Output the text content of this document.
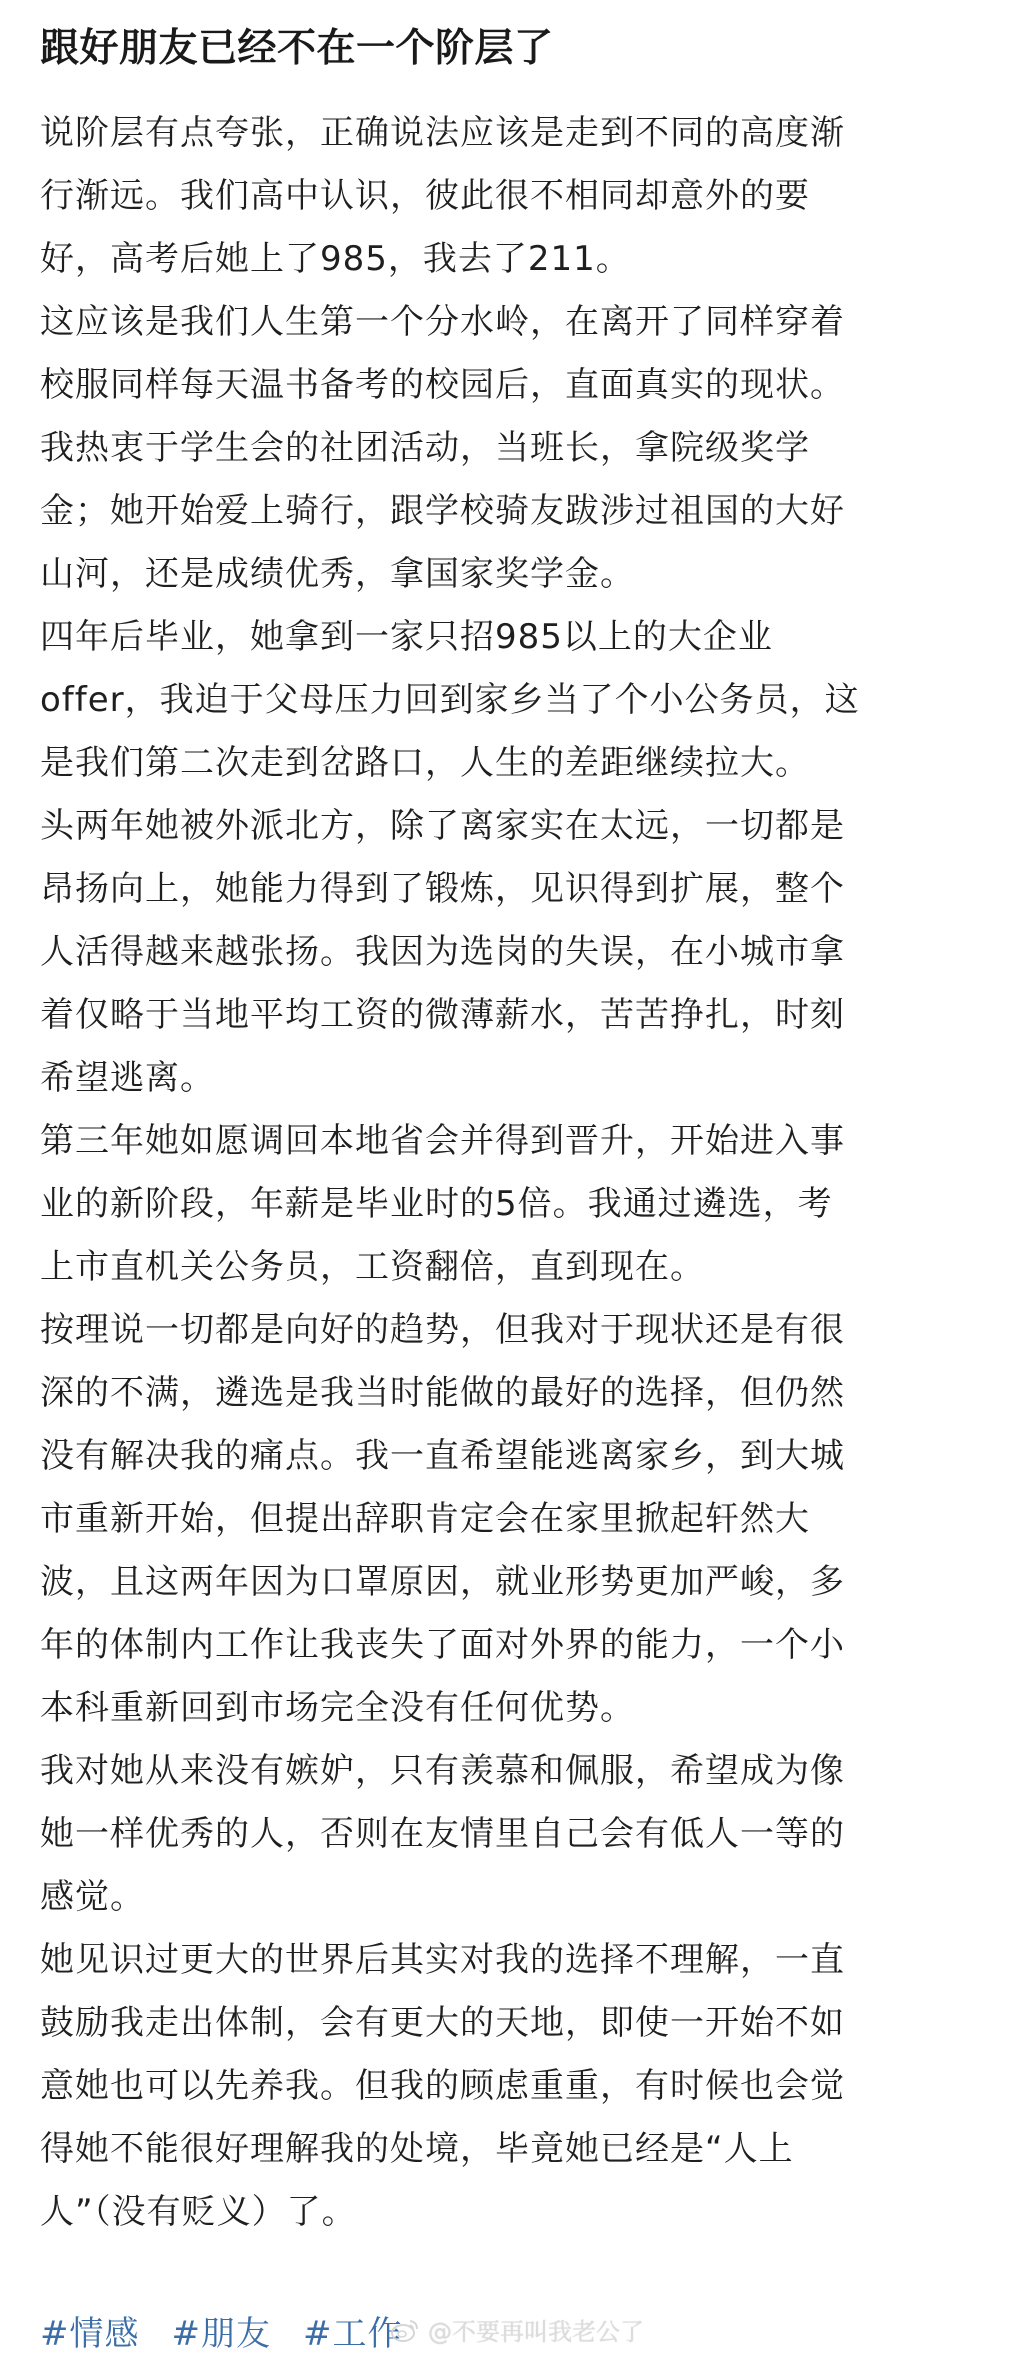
跟好朋友已经不在一个阶层了
说阶层有点夸张，正确说法应该是走到不同的高度渐
行渐远。我们高中认识，彼此很不相同却意外的要
好，高考后她上了985，我去了211。
这应该是我们人生第一个分水岭，在离开了同样穿着
校服同样每天温书备考的校园后，直面真实的现状。
我热衷于学生会的社团活动，当班长，拿院级奖学
金；她开始爱上骑行，跟学校骑友跋涉过祖国的大好
山河，还是成绩优秀，拿国家奖学金。
四年后毕业，她拿到一家只招985以上的大企业
offer，我迫于父母压力回到家乡当了个小公务员，这
是我们第二次走到岔路口，人生的差距继续拉大。
头两年她被外派北方，除了离家实在太远，一切都是
昂扬向上，她能力得到了锻炼，见识得到扩展，整个
人活得越来越张扬。我因为选岗的失误，在小城市拿
着仅略于当地平均工资的微薄薪水，苦苦挣扎，时刻
希望逃离。
第三年她如愿调回本地省会并得到晋升，开始进入事
业的新阶段，年薪是毕业时的5倍。我通过遴选，考
上市直机关公务员，工资翻倍，直到现在。
按理说一切都是向好的趋势，但我对于现状还是有很
深的不满，遴选是我当时能做的最好的选择，但仍然
没有解决我的痛点。我一直希望能逃离家乡，到大城
市重新开始，但提出辞职肯定会在家里掀起轩然大
波，且这两年因为口罩原因，就业形势更加严峻，多
年的体制内工作让我丧失了面对外界的能力，一个小
本科重新回到市场完全没有任何优势。
我对她从来没有嫉妒，只有羡慕和佩服，希望成为像
她一样优秀的人，否则在友情里自己会有低人一等的
感觉。
她见识过更大的世界后其实对我的选择不理解，一直
鼓励我走出体制，会有更大的天地，即使一开始不如
意她也可以先养我。但我的顾虑重重，有时候也会觉
得她不能很好理解我的处境，毕竟她已经是“人上
人”（没有贬义）了。
#情感 #朋友 #工作 @不要再叫我老公了
